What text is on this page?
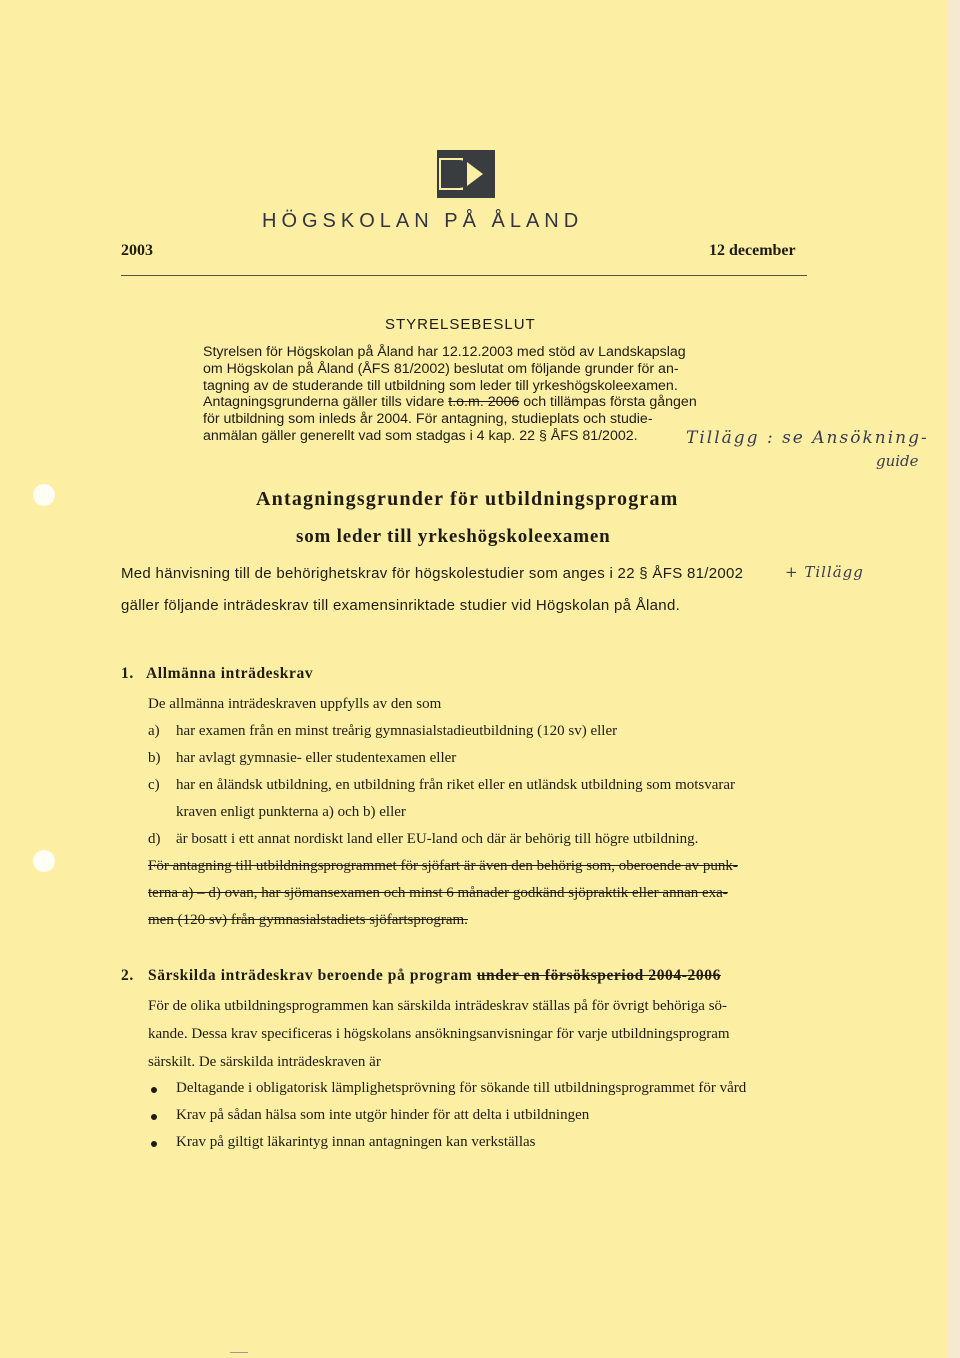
HÖGSKOLAN PÅ ÅLAND
2003	12 december
STYRELSEBESLUT

Styrelsen för Högskolan på Åland har 12.12.2003 med stöd av Landskapslag

om Högskolan på Åland (ÅFS 81/2002) beslutat om följande grunder för an-

tagning av de studerande till utbildning som leder till yrkeshögskoleexamen.

Antagningsgrunderna gäller tills vidare t.o.m. 2006 och tillämpas första gången

för utbildning som inleds år 2004. För antagning, studieplats och studie-

anmälan gäller generellt vad som stadgas i 4 kap. 22 § ÅFS 81/2002.	Tillägg : se Ansökning-
guide
+ Tillägg
Antagningsgrunder för utbildningsprogram
som leder till yrkeshögskoleexamen
Med hänvisning till de behörighetskrav för högskolestudier som anges i 22 § ÅFS 81/2002
gäller följande inträdeskrav till examensinriktade studier vid Högskolan på Åland.
1. Allmänna inträdeskrav
De allmänna inträdeskraven uppfylls av den som
a) har examen från en minst treårig gymnasialstadieutbildning (120 sv) eller
b) har avlagt gymnasie- eller studentexamen eller
c) har en åländsk utbildning, en utbildning från riket eller en utländsk utbildning som motsvarar
kraven enligt punkterna a) och b) eller
d) är bosatt i ett annat nordiskt land eller EU-land och där är behörig till högre utbildning.
För antagning till utbildningsprogrammet för sjöfart är även den behörig som, oberoende av punk-
terna a) – d) ovan, har sjömansexamen och minst 6 månader godkänd sjöpraktik eller annan exa-
men (120 sv) från gymnasialstadiets sjöfartsprogram.
2. Särskilda inträdeskrav beroende på program under en försöksperiod 2004-2006
För de olika utbildningsprogrammen kan särskilda inträdeskrav ställas på för övrigt behöriga sö-
kande. Dessa krav specificeras i högskolans ansökningsanvisningar för varje utbildningsprogram
särskilt. De särskilda inträdeskraven är
Deltagande i obligatorisk lämplighetsprövning för sökande till utbildningsprogrammet för vård
Krav på sådan hälsa som inte utgör hinder för att delta i utbildningen
Krav på giltigt läkarintyg innan antagningen kan verkställas
